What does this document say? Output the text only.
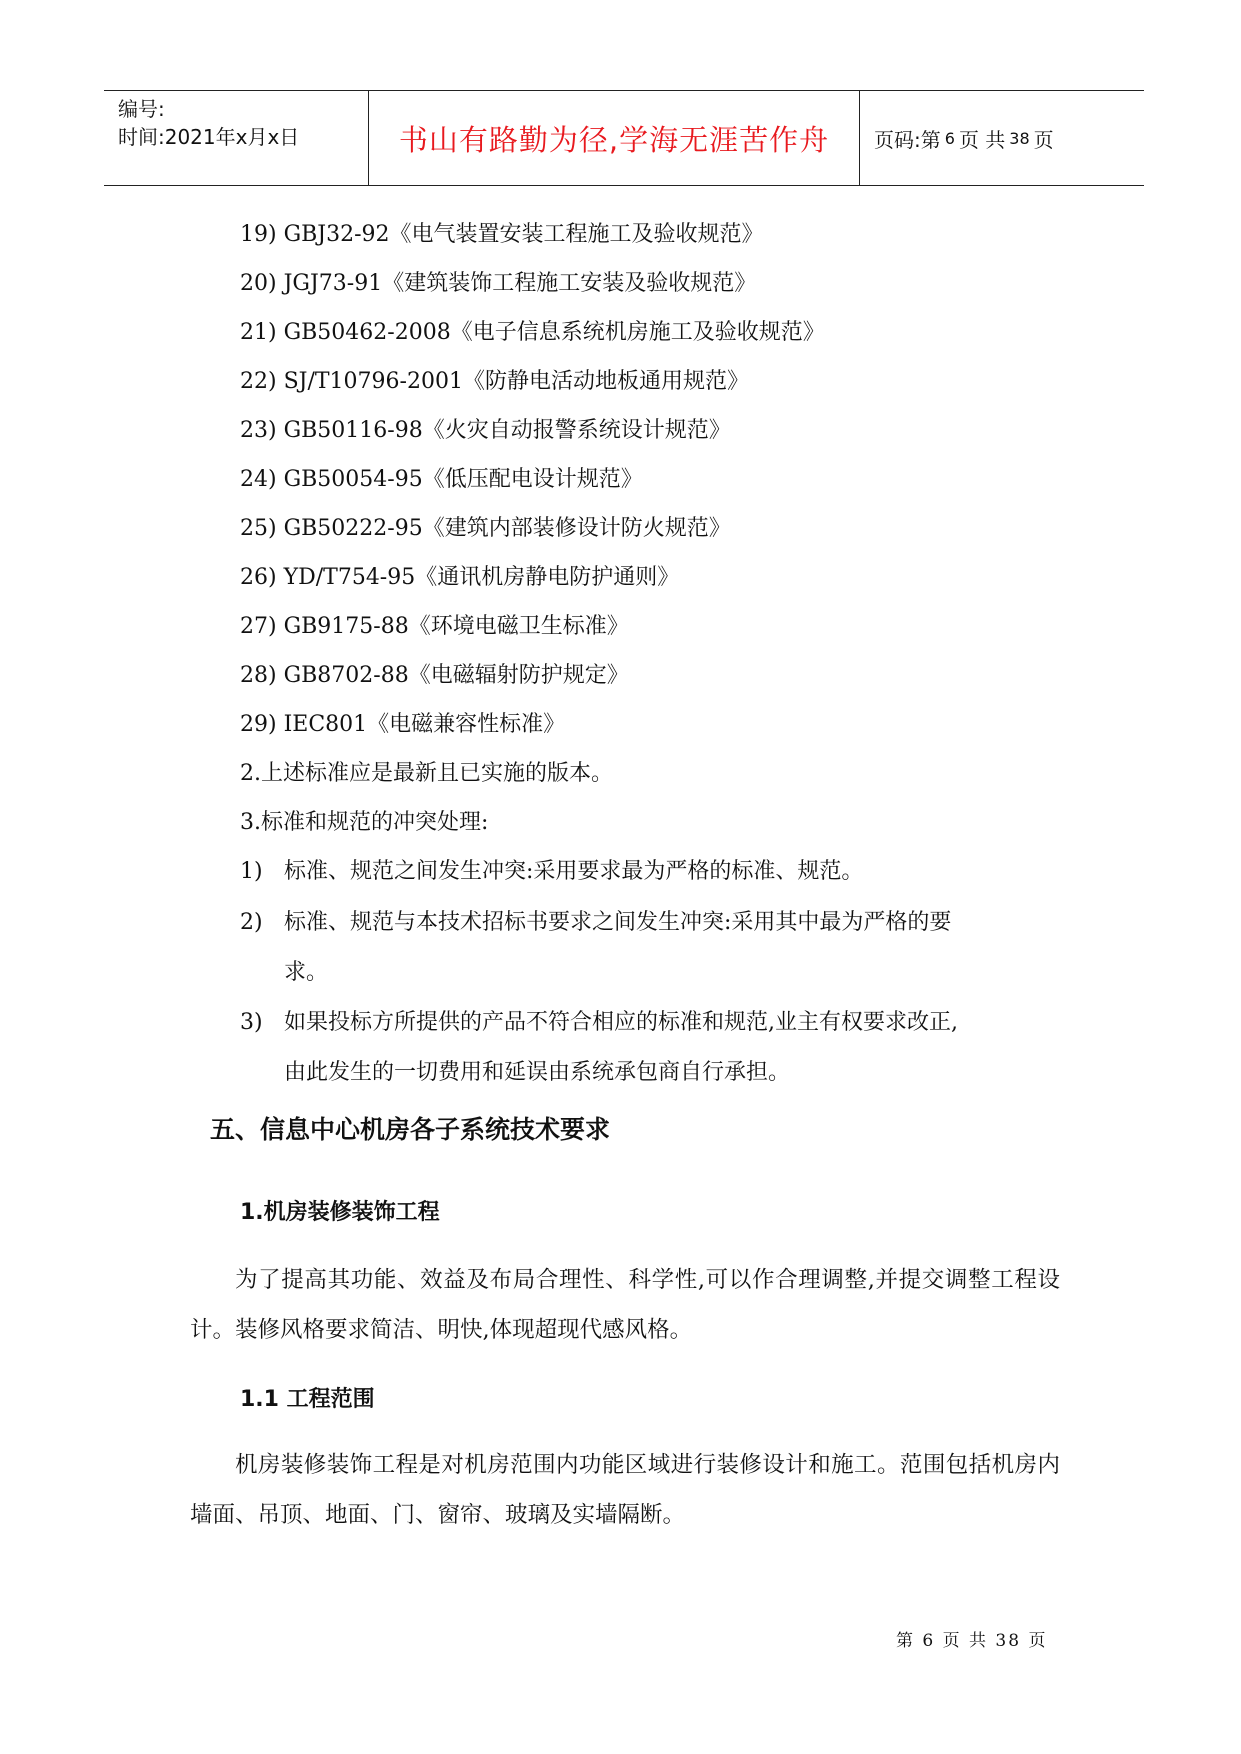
编号:
时间:2021年x月x日	书山有路勤为径,学海无涯苦作舟	页码:第 6 页 共 38 页
19) GBJ32-92《电气装置安装工程施工及验收规范》
20) JGJ73-91《建筑装饰工程施工安装及验收规范》
21) GB50462-2008《电子信息系统机房施工及验收规范》
22) SJ/T10796-2001《防静电活动地板通用规范》
23) GB50116-98《火灾自动报警系统设计规范》
24) GB50054-95《低压配电设计规范》
25) GB50222-95《建筑内部装修设计防火规范》
26) YD/T754-95《通讯机房静电防护通则》
27) GB9175-88《环境电磁卫生标准》
28) GB8702-88《电磁辐射防护规定》
29) IEC801《电磁兼容性标准》
2.上述标准应是最新且已实施的版本。
3.标准和规范的冲突处理:
1) 标准、规范之间发生冲突:采用要求最为严格的标准、规范。
2) 标准、规范与本技术招标书要求之间发生冲突:采用其中最为严格的要
求。
3) 如果投标方所提供的产品不符合相应的标准和规范,业主有权要求改正,
由此发生的一切费用和延误由系统承包商自行承担。
五、信息中心机房各子系统技术要求
1.机房装修装饰工程

为了提高其功能、效益及布局合理性、科学性,可以作合理调整,并提交调整工程设计。装修风格要求简洁、明快,体现超现代感风格。

1.1 工程范围

机房装修装饰工程是对机房范围内功能区域进行装修设计和施工。范围包括机房内墙面、吊顶、地面、门、窗帘、玻璃及实墙隔断。

第 6 页 共 38 页
